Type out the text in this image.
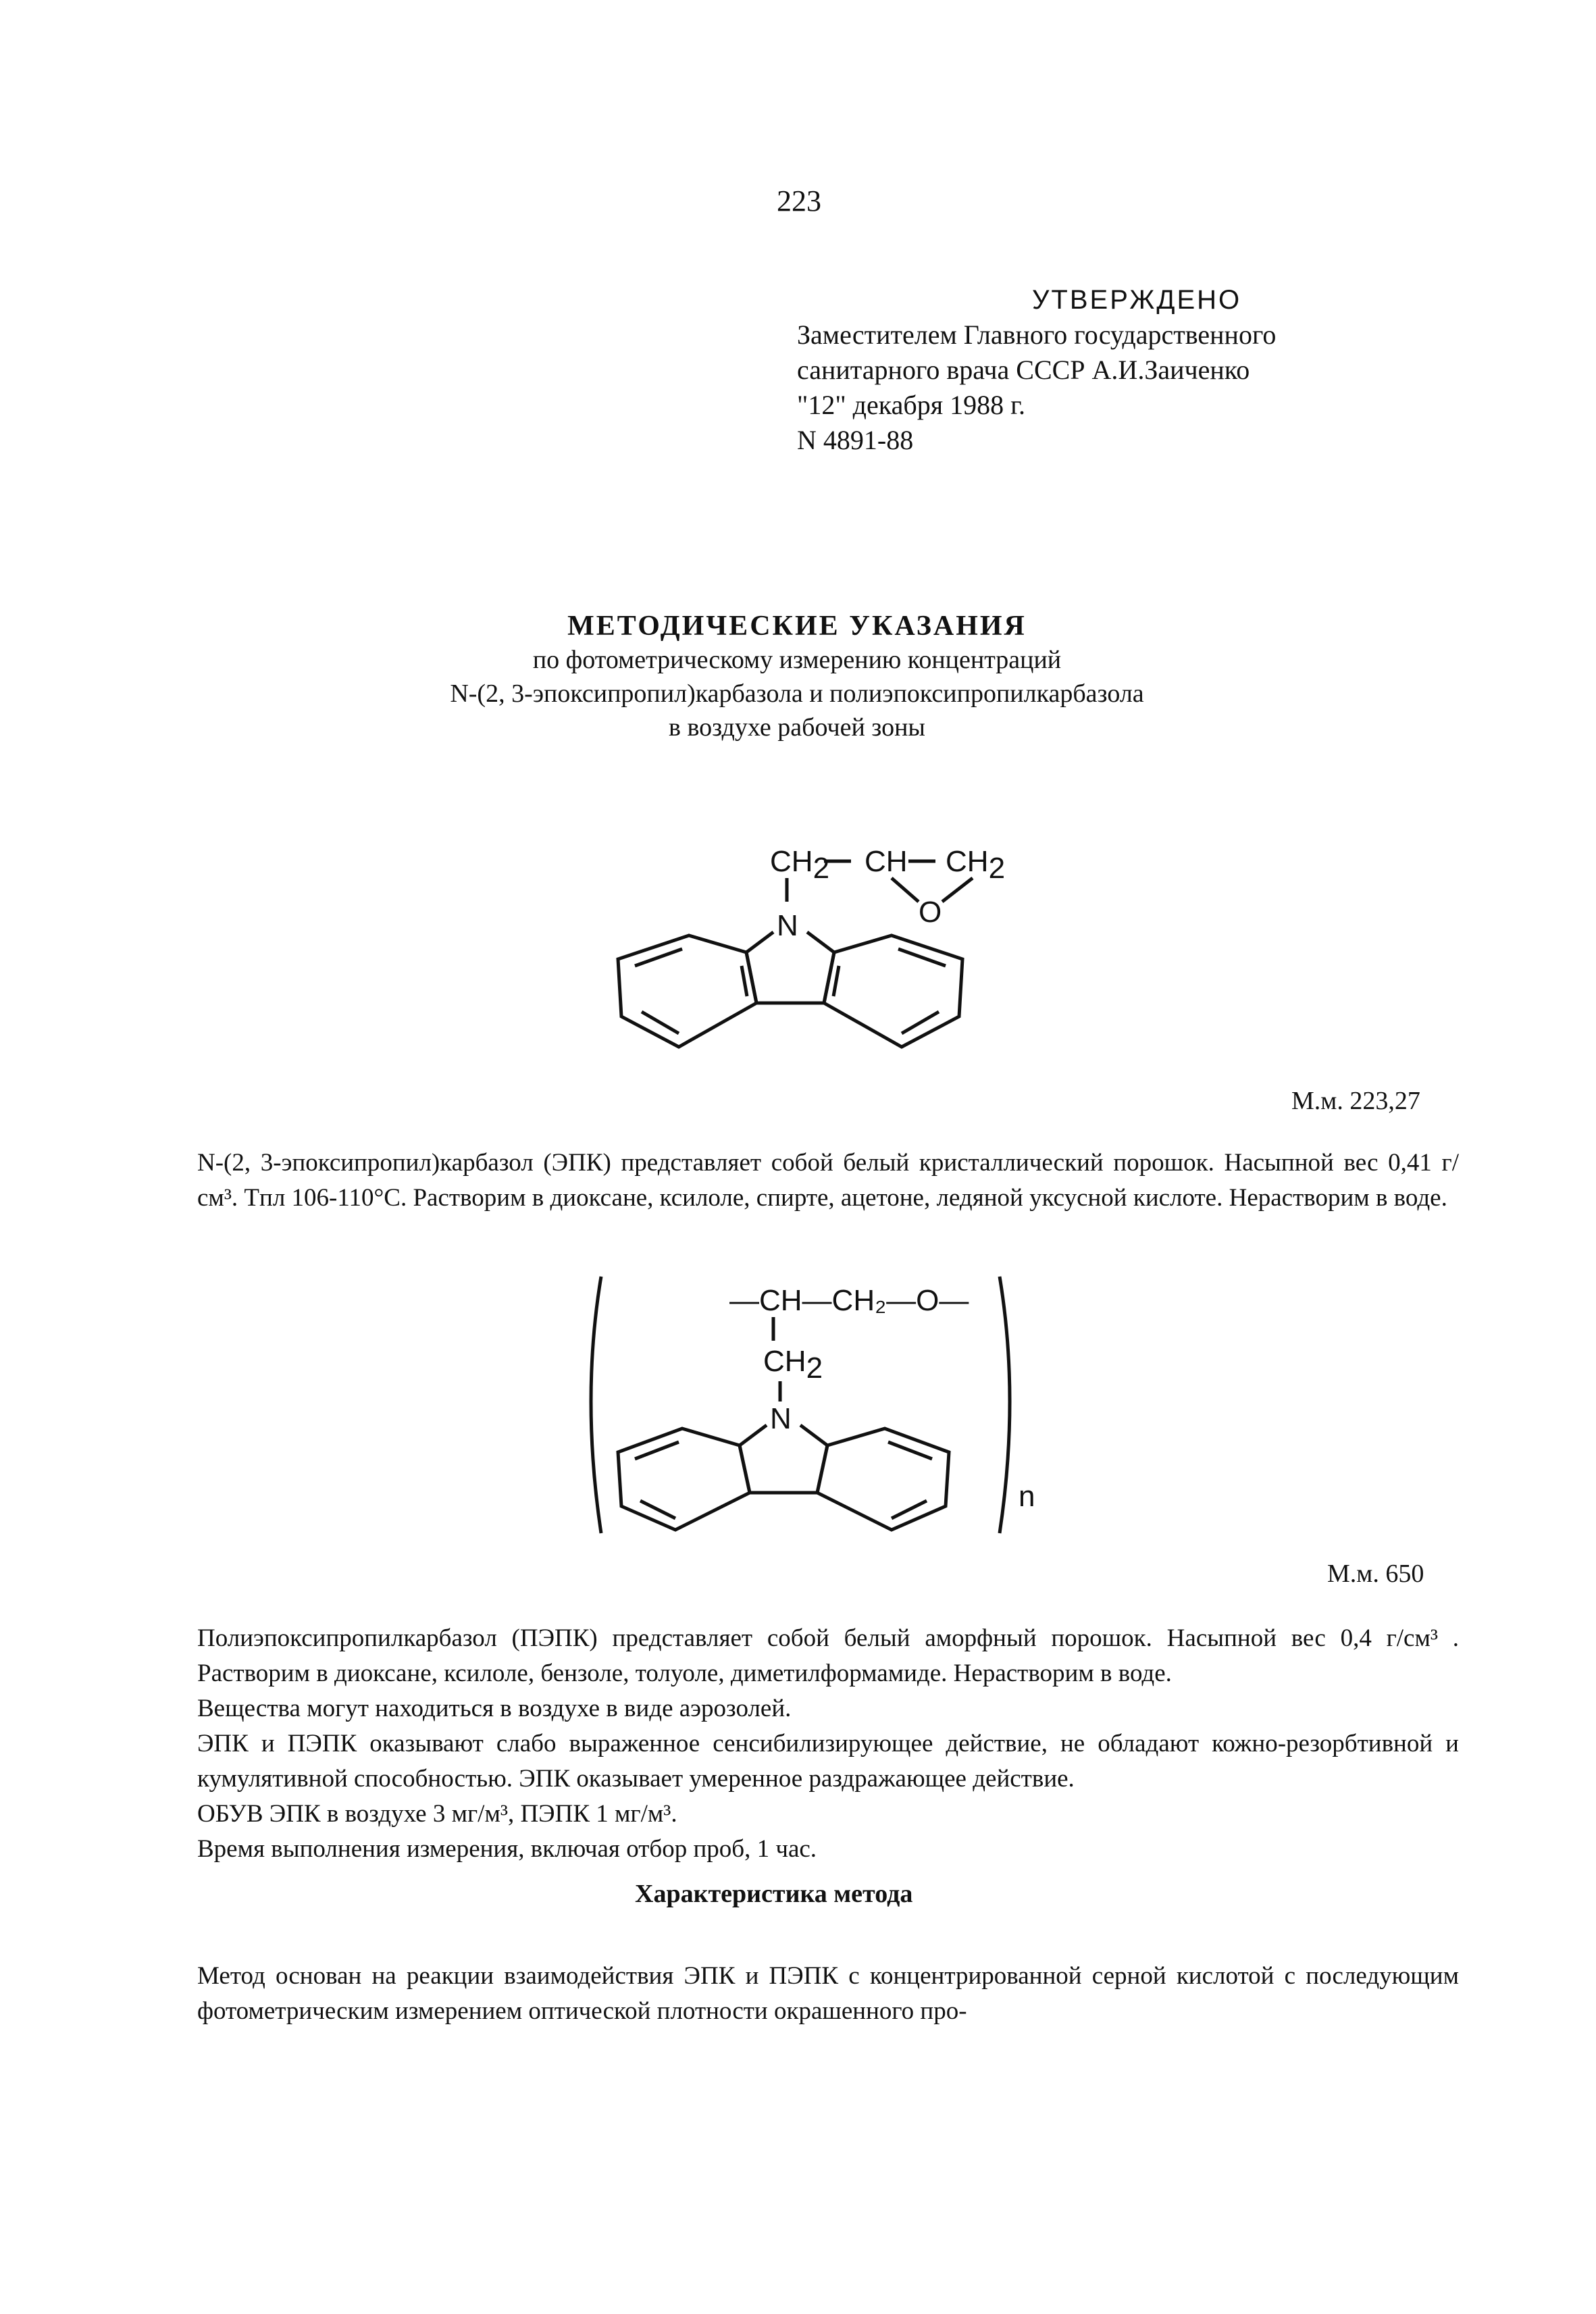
223
УТВЕРЖДЕНО
Заместителем Главного государственного
санитарного врача СССР А.И.Заиченко
"12" декабря 1988 г.
N 4891-88
МЕТОДИЧЕСКИЕ УКАЗАНИЯ
по фотометрическому измерению концентраций
N-(2, 3-эпоксипропил)карбазола и полиэпоксипропилкарбазола
в воздухе рабочей зоны
CH2 CH CH2
O
N
М.м. 223,27
N-(2, 3-эпоксипропил)карбазол (ЭПК) представляет собой белый кристаллический порошок. Насыпной вес 0,41 г/см³. Tпл 106-110°С. Растворим в диоксане, ксилоле, спирте, ацетоне, ледяной уксусной кислоте. Нерастворим в воде.
—CH—CH₂—O—
CH2
N
n
М.м. 650

Полиэпоксипропилкарбазол (ПЭПК) представляет собой белый аморфный порошок. Насыпной вес 0,4 г/см³ . Растворим в диоксане, ксилоле, бензоле, толуоле, диметилформамиде. Нерастворим в воде.

Вещества могут находиться в воздухе в виде аэрозолей.

ЭПК и ПЭПК оказывают слабо выраженное сенсибилизирующее действие, не обладают кожно-резорбтивной и кумулятивной способностью. ЭПК оказывает умеренное раздражающее действие.

ОБУВ ЭПК в воздухе 3 мг/м³, ПЭПК 1 мг/м³.

Время выполнения измерения, включая отбор проб, 1 час.

Характеристика метода
Метод основан на реакции взаимодействия ЭПК и ПЭПК с концентрированной серной кислотой с последующим фотометрическим измерением оптической плотности окрашенного про-
